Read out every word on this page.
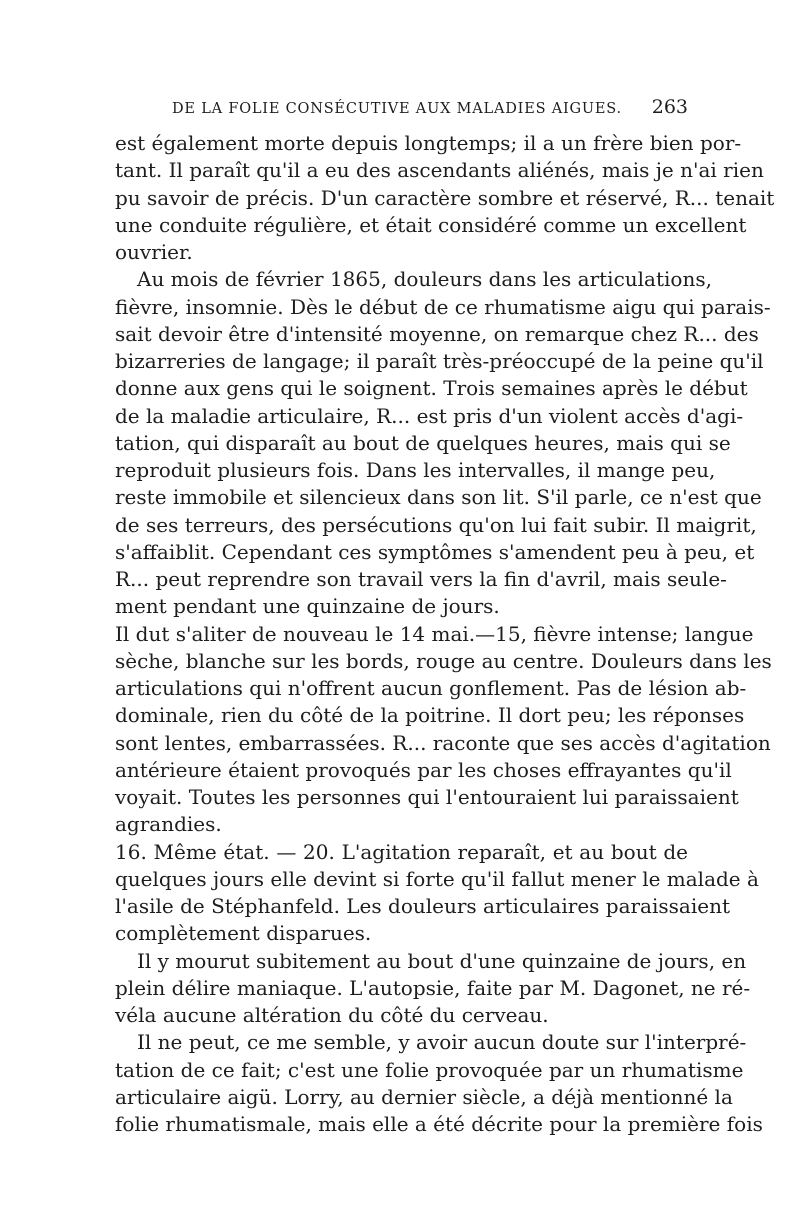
DE LA FOLIE CONSÉCUTIVE AUX MALADIES AIGUES. 263
est également morte depuis longtemps; il a un frère bien por-
tant. Il paraît qu'il a eu des ascendants aliénés, mais je n'ai rien
pu savoir de précis. D'un caractère sombre et réservé, R... tenait
une conduite régulière, et était considéré comme un excellent
ouvrier.
Au mois de février 1865, douleurs dans les articulations,
fièvre, insomnie. Dès le début de ce rhumatisme aigu qui parais-
sait devoir être d'intensité moyenne, on remarque chez R... des
bizarreries de langage; il paraît très-préoccupé de la peine qu'il
donne aux gens qui le soignent. Trois semaines après le début
de la maladie articulaire, R... est pris d'un violent accès d'agi-
tation, qui disparaît au bout de quelques heures, mais qui se
reproduit plusieurs fois. Dans les intervalles, il mange peu,
reste immobile et silencieux dans son lit. S'il parle, ce n'est que
de ses terreurs, des persécutions qu'on lui fait subir. Il maigrit,
s'affaiblit. Cependant ces symptômes s'amendent peu à peu, et
R... peut reprendre son travail vers la fin d'avril, mais seule-
ment pendant une quinzaine de jours.
Il dut s'aliter de nouveau le 14 mai.—15, fièvre intense; langue
sèche, blanche sur les bords, rouge au centre. Douleurs dans les
articulations qui n'offrent aucun gonflement. Pas de lésion ab-
dominale, rien du côté de la poitrine. Il dort peu; les réponses
sont lentes, embarrassées. R... raconte que ses accès d'agitation
antérieure étaient provoqués par les choses effrayantes qu'il
voyait. Toutes les personnes qui l'entouraient lui paraissaient
agrandies.
16. Même état. — 20. L'agitation reparaît, et au bout de
quelques jours elle devint si forte qu'il fallut mener le malade à
l'asile de Stéphanfeld. Les douleurs articulaires paraissaient
complètement disparues.
Il y mourut subitement au bout d'une quinzaine de jours, en
plein délire maniaque. L'autopsie, faite par M. Dagonet, ne ré-
véla aucune altération du côté du cerveau.
Il ne peut, ce me semble, y avoir aucun doute sur l'interpré-
tation de ce fait; c'est une folie provoquée par un rhumatisme
articulaire aigü. Lorry, au dernier siècle, a déjà mentionné la
folie rhumatismale, mais elle a été décrite pour la première fois
